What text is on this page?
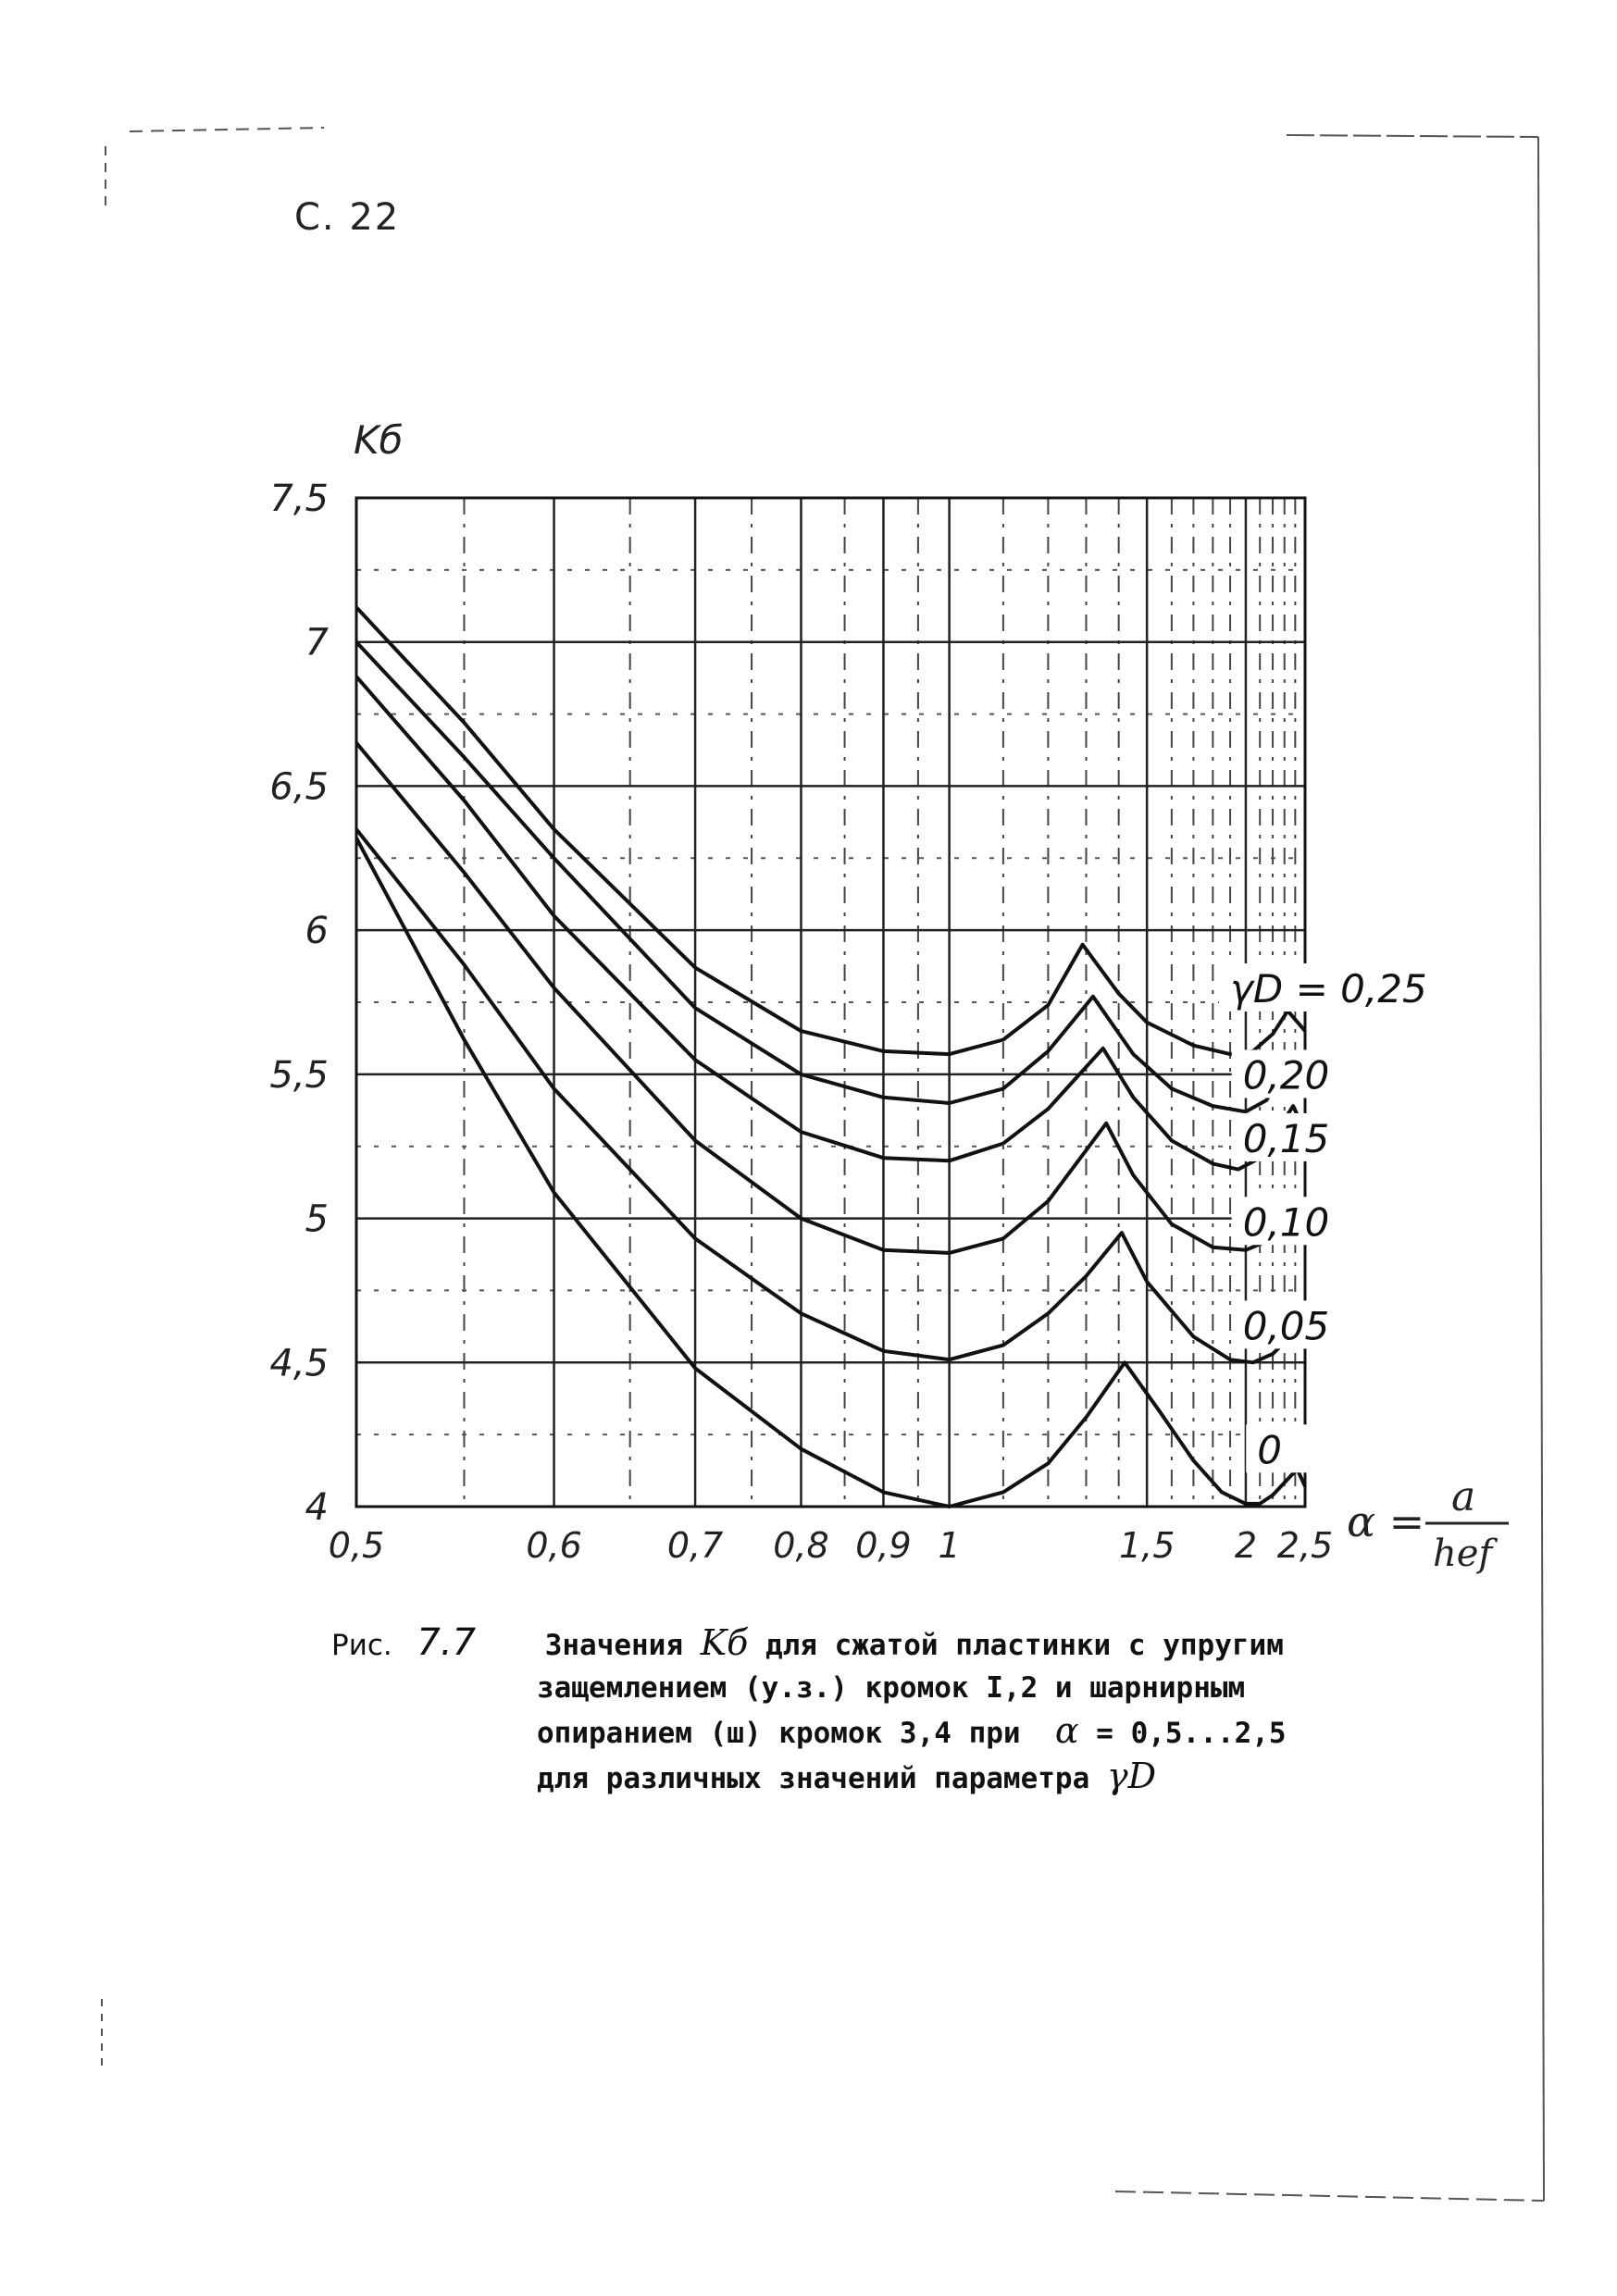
С. 22
0,5	0,6 0,7 0,8 0,9 1	1,5 2 2,5
7,5
7
6,5
6
5,5
5
4,5
4
γD = 0,25
0,20
0,15
0,10
0,05
0
Kб
α = a
hef
Рис. 7.7 Значения Kб для сжатой пластинки с упругим
защемлением (у.з.) кромок I,2 и шарнирным
опиранием (ш) кромок 3,4 при α = 0,5...2,5
для различных значений параметра γD
